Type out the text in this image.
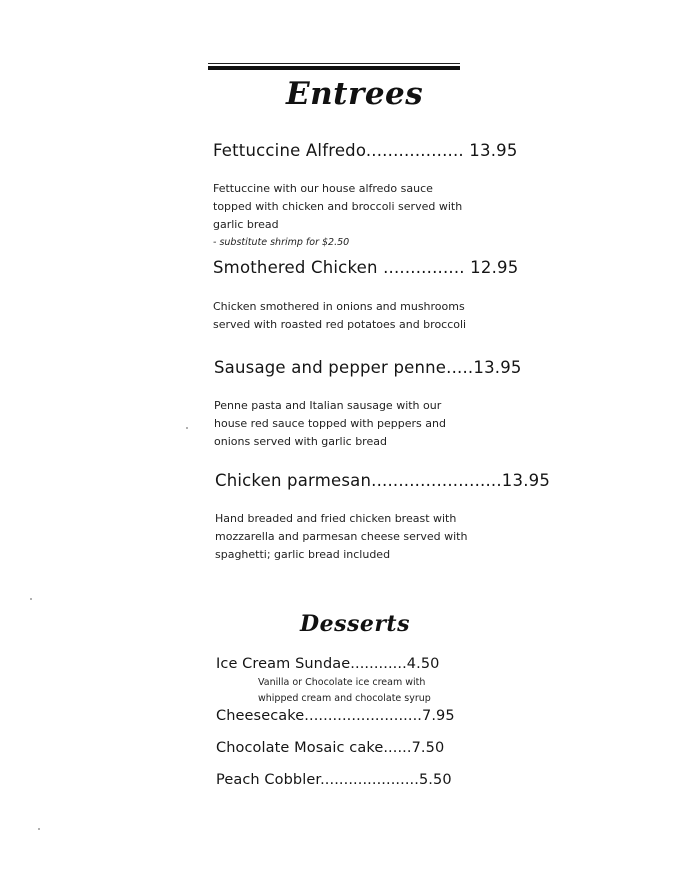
Entrees
Fettuccine Alfredo.................. 13.95

Fettuccine with our house alfredo sauce topped with chicken and broccoli served with garlic bread
- substitute shrimp for $2.50

Smothered Chicken ............... 12.95

Chicken smothered in onions and mushrooms served with roasted red potatoes and broccoli

Sausage and pepper penne.....13.95

Penne pasta and Italian sausage with our house red sauce topped with peppers and onions served with garlic bread

Chicken parmesan........................13.95

Hand breaded and fried chicken breast with mozzarella and parmesan cheese served with spaghetti; garlic bread included

Desserts
Ice Cream Sundae............4.50

Vanilla or Chocolate ice cream with whipped cream and chocolate syrup

Cheesecake.........................7.95
Chocolate Mosaic cake......7.50
Peach Cobbler.....................5.50
